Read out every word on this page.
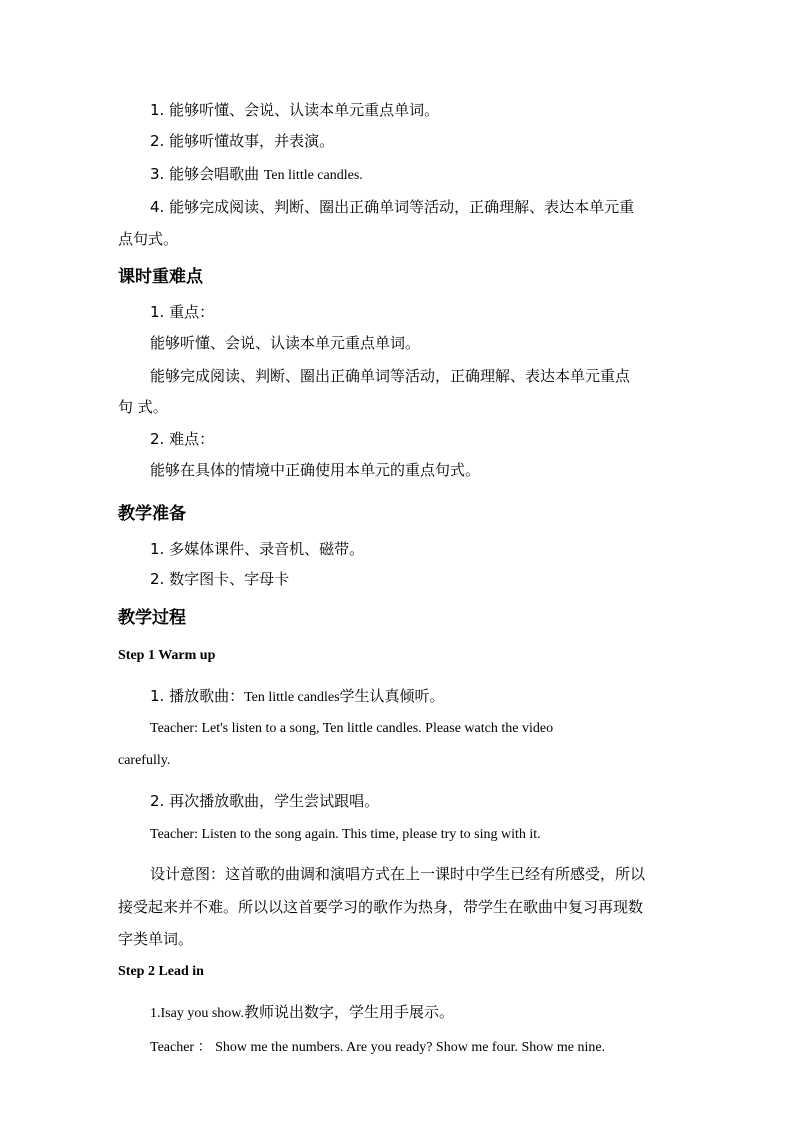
1. 能够听懂、会说、认读本单元重点单词。
2. 能够听懂故事，并表演。
3. 能够会唱歌曲 Ten little candles.
4. 能够完成阅读、判断、圈出正确单词等活动，正确理解、表达本单元重
点句式。
课时重难点
1. 重点：
能够听懂、会说、认读本单元重点单词。
能够完成阅读、判断、圈出正确单词等活动，正确理解、表达本单元重点
句 式。
2. 难点：
能够在具体的情境中正确使用本单元的重点句式。
教学准备
1. 多媒体课件、录音机、磁带。
2. 数字图卡、字母卡
教学过程
Step 1 Warm up
1. 播放歌曲：Ten little candles学生认真倾听。
Teacher: Let's listen to a song, Ten little candles. Please watch the video
carefully.
2. 再次播放歌曲，学生尝试跟唱。
Teacher: Listen to the song again. This time, please try to sing with it.
设计意图：这首歌的曲调和演唱方式在上一课时中学生已经有所感受，所以
接受起来并不难。所以以这首要学习的歌作为热身，带学生在歌曲中复习再现数
字类单词。
Step 2 Lead in
1.Isay you show.教师说出数字，学生用手展示。
Teacher ： Show me the numbers. Are you ready? Show me four. Show me nine.
